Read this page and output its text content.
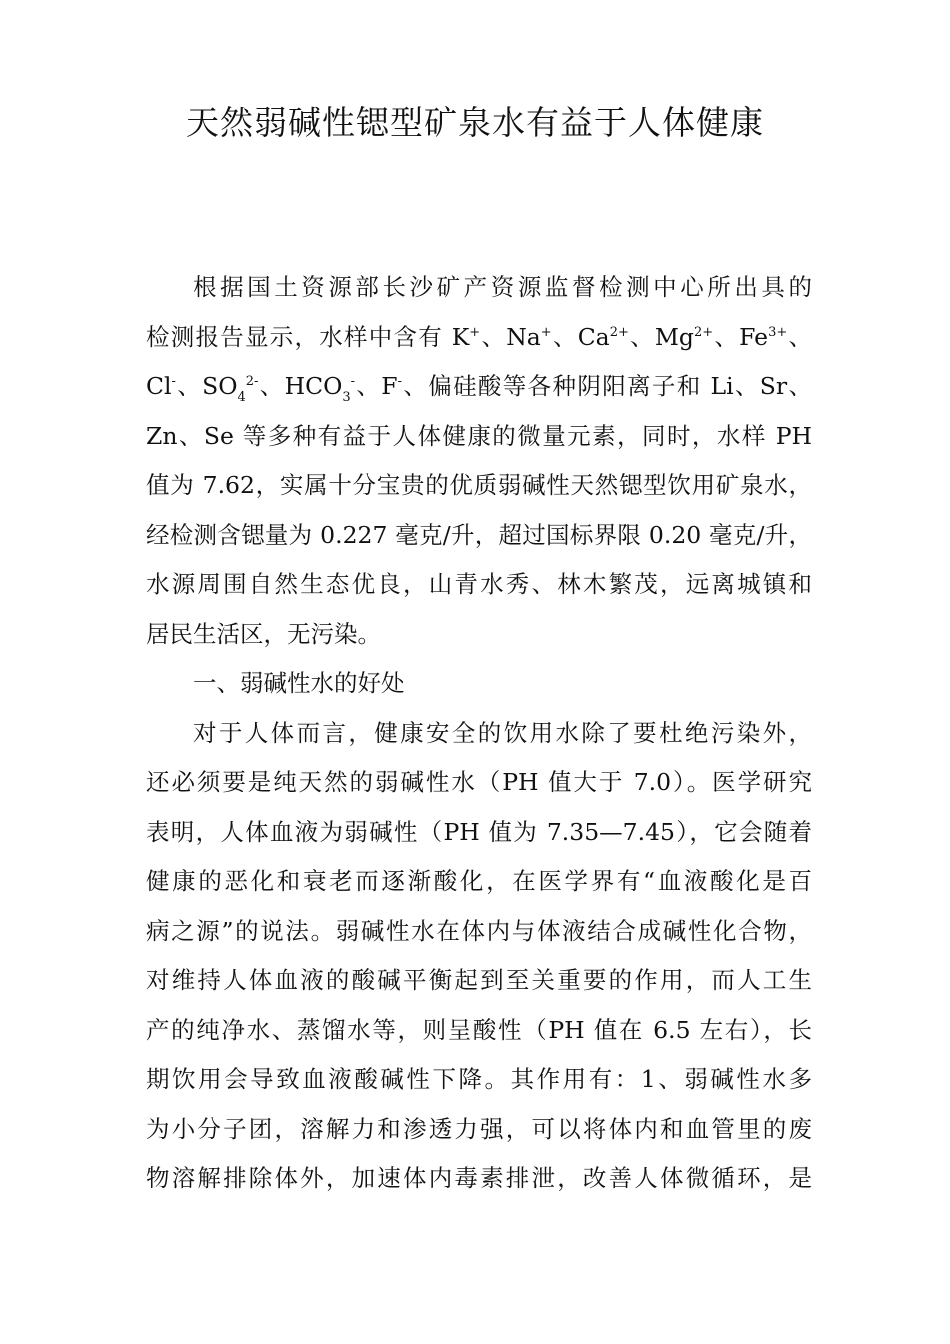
天然弱碱性锶型矿泉水有益于人体健康
根据国土资源部长沙矿产资源监督检测中心所出具的
检测报告显示，水样中含有 K+、Na+、$Ca^{2+}$、$Mg^{2+}$、$Fe^{3+}$、
Cl-、$SO_4^{2-}$、$HCO_3^-$、F-、偏硅酸等各种阴阳离子和 Li、Sr、
Zn、Se 等多种有益于人体健康的微量元素，同时，水样 PH
值为 7.62，实属十分宝贵的优质弱碱性天然锶型饮用矿泉水，
经检测含锶量为 0.227 毫克/升，超过国标界限 0.20 毫克/升，
水源周围自然生态优良，山青水秀、林木繁茂，远离城镇和
居民生活区，无污染。
一、弱碱性水的好处
对于人体而言，健康安全的饮用水除了要杜绝污染外，
还必须要是纯天然的弱碱性水（PH 值大于 7.0）。医学研究
表明，人体血液为弱碱性（PH 值为 7.35—7.45），它会随着
健康的恶化和衰老而逐渐酸化，在医学界有“血液酸化是百
病之源”的说法。弱碱性水在体内与体液结合成碱性化合物，
对维持人体血液的酸碱平衡起到至关重要的作用，而人工生
产的纯净水、蒸馏水等，则呈酸性（PH 值在 6.5 左右），长
期饮用会导致血液酸碱性下降。其作用有：1、弱碱性水多
为小分子团，溶解力和渗透力强，可以将体内和血管里的废
物溶解排除体外，加速体内毒素排泄，改善人体微循环，是
